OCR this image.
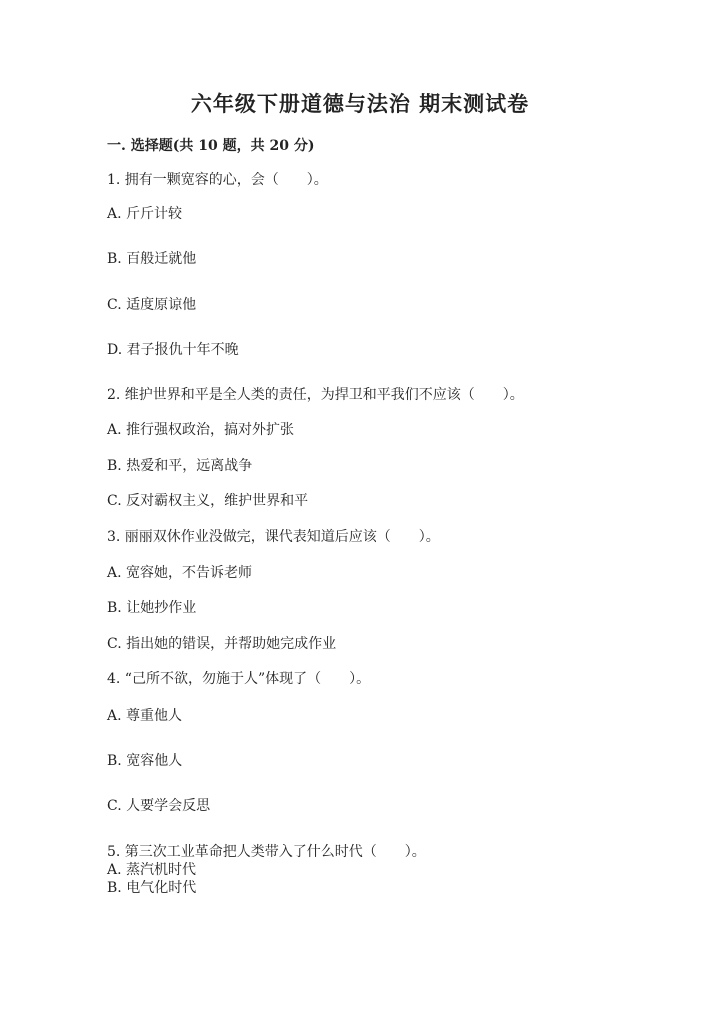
六年级下册道德与法治 期末测试卷
一. 选择题(共 10 题，共 20 分)
1. 拥有一颗宽容的心，会（　　）。
A. 斤斤计较
B. 百般迁就他
C. 适度原谅他
D. 君子报仇十年不晚
2. 维护世界和平是全人类的责任，为捍卫和平我们不应该（　　）。
A. 推行强权政治，搞对外扩张
B. 热爱和平，远离战争
C. 反对霸权主义，维护世界和平
3. 丽丽双休作业没做完，课代表知道后应该（　　）。
A. 宽容她，不告诉老师
B. 让她抄作业
C. 指出她的错误，并帮助她完成作业
4. “己所不欲，勿施于人”体现了（　　）。
A. 尊重他人
B. 宽容他人
C. 人要学会反思
5. 第三次工业革命把人类带入了什么时代（　　）。
A. 蒸汽机时代
B. 电气化时代
